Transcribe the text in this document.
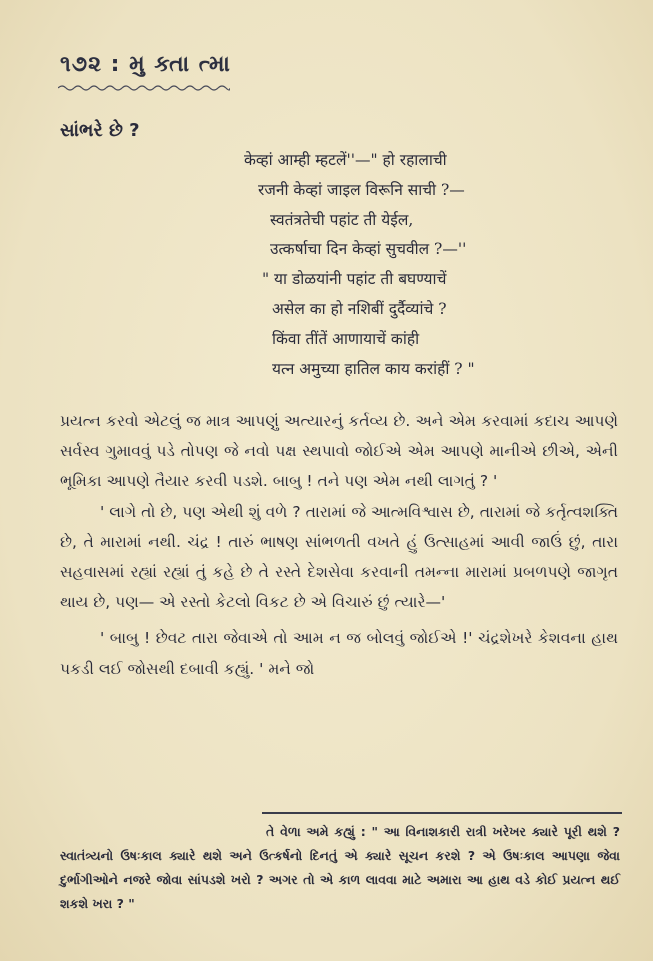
૧૭૨ : મુ ક્તા ત્મા
સાંભરે છે ?
केव्हां आम्ही म्हटलें''—" हो रहालाची
रजनी केव्हां जाइल विरूनि साची ?—
स्वतंत्रतेची पहांट ती येईल,
उत्कर्षाचा दिन केव्हां सुचवील ?—''
" या डोळयांनी पहांट ती बघण्याचें
असेल का हो नशिबीं दुर्दैव्यांचे ?
किंवा तींतें आणायाचें कांही
यत्न अमुच्या हातिल काय करांहीं ? "

પ્રયત્ન કરવો એટલું જ માત્ર આપણું અત્યારનું કર્તવ્ય છે. અને એમ કરવામાં કદાચ આપણે સર્વસ્વ ગુમાવવું પડે તોપણ જે નવો પક્ષ સ્થપાવો જોઈએ એમ આપણે માનીએ છીએ, એની ભૂમિકા આપણે તૈયાર કરવી પડશે. બાબુ ! તને પણ એમ નથી લાગતું ? '

' લાગે તો છે, પણ એથી શું વળે ? તારામાં જે આત્મવિશ્વાસ છે, તારામાં જે કર્તૃત્વશક્તિ છે, તે મારામાં નથી. ચંદ્ર ! તારું ભાષણ સાંભળતી વખતે હું ઉત્સાહમાં આવી જાઉં છું, તારા સહવાસમાં રહ્યાં રહ્યાં તું કહે છે તે રસ્તે દેશસેવા કરવાની તમન્ના મારામાં પ્રબળપણે જાગૃત થાય છે, પણ— એ રસ્તો કેટલો વિકટ છે એ વિચારું છું ત્યારે—'

' બાબુ ! છેવટ તારા જેવાએ તો આમ ન જ બોલવું જોઈએ !' ચંદ્રશેખરે કેશવના હાથ પકડી લઈ જોસથી દબાવી કહ્યું. ' મને જો

તે વેળા અમે કહ્યું : " આ વિનાશકારી રાત્રી ખરેખર ક્યારે પૂરી થશે ? સ્વાતંત્ર્યનો ઉષઃકાલ ક્યારે થશે અને ઉત્કર્ષનો દિનતું એ ક્યારે સૂચન કરશે ? એ ઉષઃકાલ આપણા જેવા દુર્ભાગીઓને નજરે જોવા સાંપડશે ખરો ? અગર તો એ કાળ લાવવા માટે અમારા આ હાથ વડે કોઈ પ્રયત્ન થઈ શકશે ખરા ? "
